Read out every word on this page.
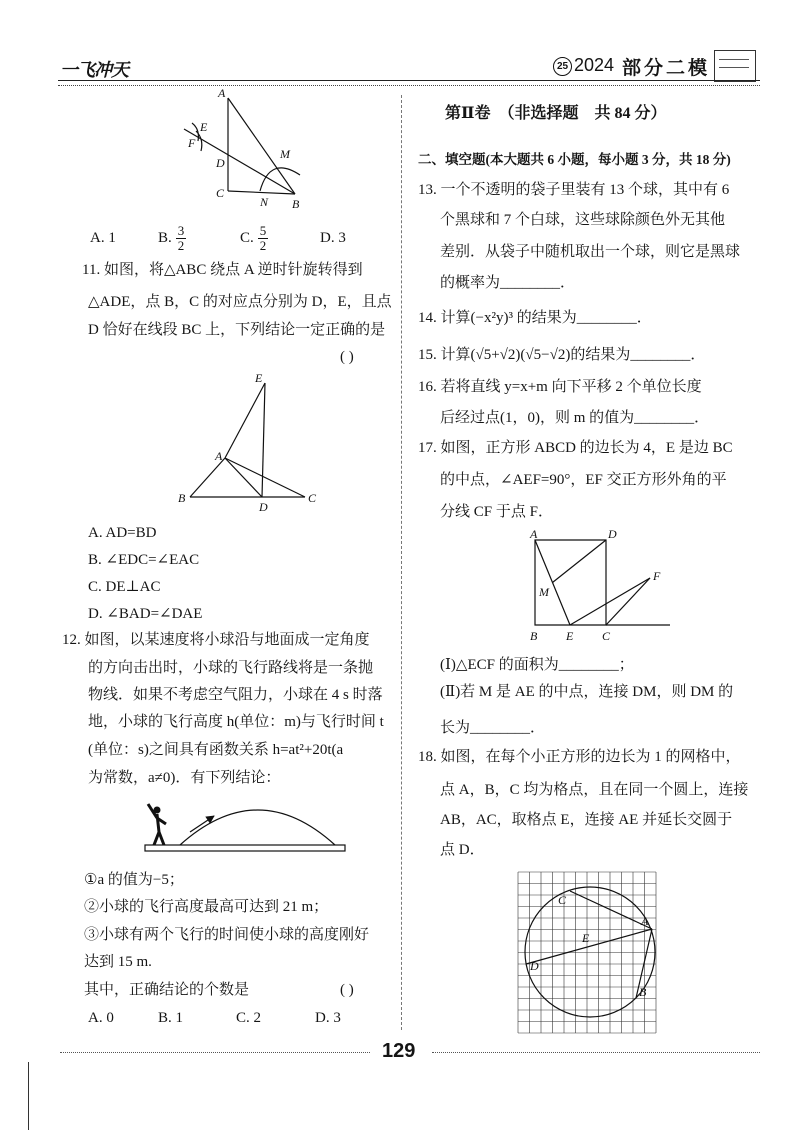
一飞冲天	25 2024 部分二模
A
E
F
D
M
C
N B
A. 1	B. $\frac{3}{2}$	C. $\frac{5}{2}$	D. 3
11. 如图，将△ABC 绕点 A 逆时针旋转得到
△ADE，点 B，C 的对应点分别为 D，E，且点
D 恰好在线段 BC 上，下列结论一定正确的是
( )
E
A
B
D
C
A. AD=BD
B. ∠EDC=∠EAC
C. DE⊥AC
D. ∠BAD=∠DAE
12. 如图，以某速度将小球沿与地面成一定角度
的方向击出时，小球的飞行路线将是一条抛
物线．如果不考虑空气阻力，小球在 4 s 时落
地，小球的飞行高度 h(单位：m)与飞行时间 t
(单位：s)之间具有函数关系 h=at²+20t(a
为常数，a≠0)．有下列结论：
①a 的值为−5；
②小球的飞行高度最高可达到 21 m；
③小球有两个飞行的时间使小球的高度刚好
达到 15 m.
其中，正确结论的个数是	( )
A. 0	B. 1	C. 2	D. 3
第Ⅱ卷　（非选择题　共 84 分）
二、填空题(本大题共 6 小题，每小题 3 分，共 18 分)
13. 一个不透明的袋子里装有 13 个球，其中有 6
个黑球和 7 个白球，这些球除颜色外无其他
差别．从袋子中随机取出一个球，则它是黑球
的概率为________．
14. 计算(−x²y)³ 的结果为________．
15. 计算(√5+√2)(√5−√2)的结果为________．
16. 若将直线 y=x+m 向下平移 2 个单位长度
后经过点(1，0)，则 m 的值为________．
17. 如图，正方形 ABCD 的边长为 4，E 是边 BC
的中点，∠AEF=90°，EF 交正方形外角的平
分线 CF 于点 F．
A	D
M
F
B E C
(Ⅰ)△ECF 的面积为________；
(Ⅱ)若 M 是 AE 的中点，连接 DM，则 DM 的
长为________．
18. 如图，在每个小正方形的边长为 1 的网格中，
点 A，B，C 均为格点，且在同一个圆上，连接
AB，AC，取格点 E，连接 AE 并延长交圆于
点 D．
C
A
E
D
B
129
